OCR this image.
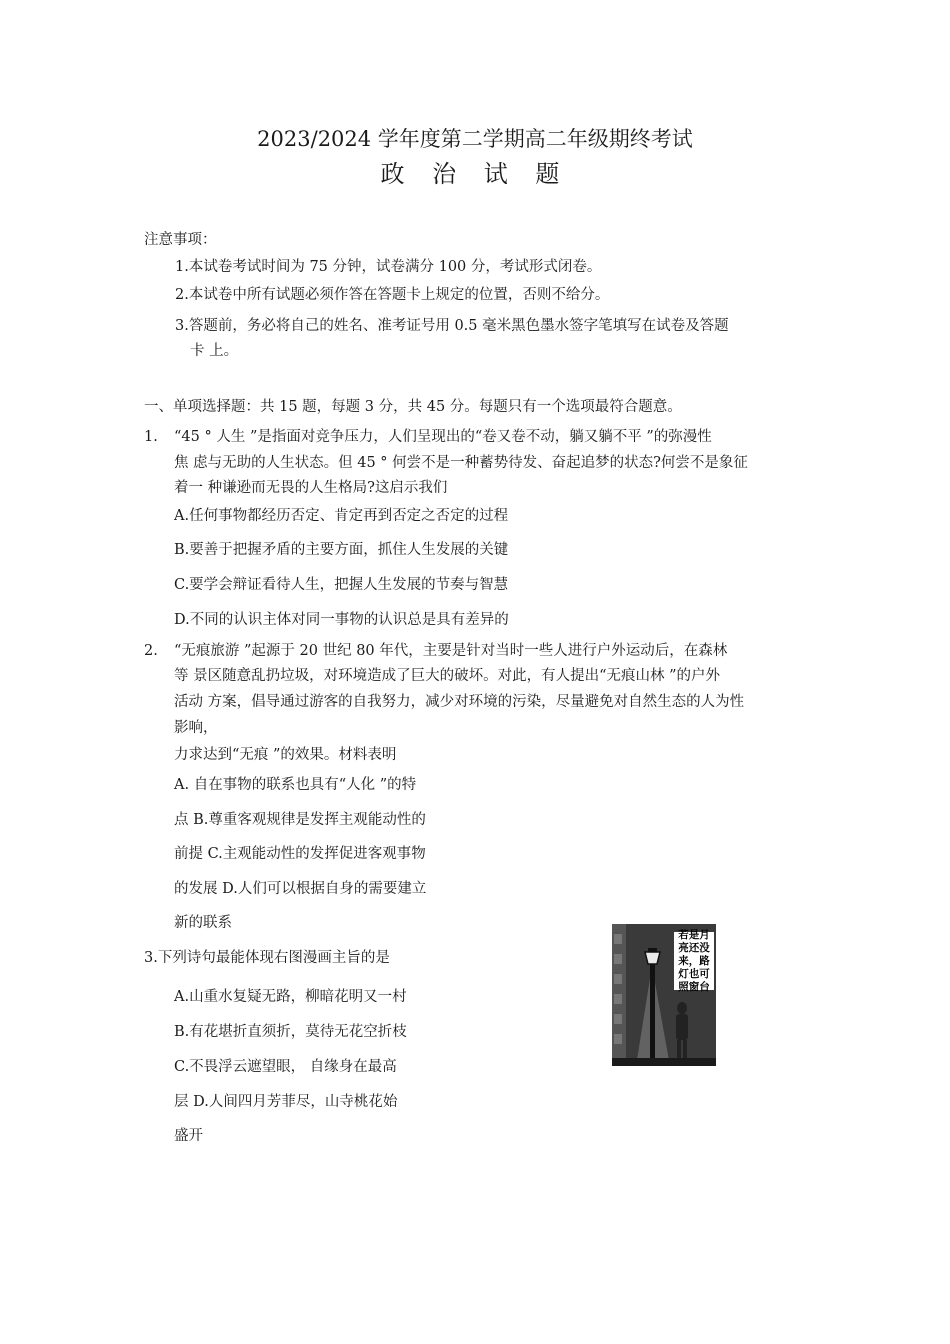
2023/2024 学年度第二学期高二年级期终考试
政 治 试 题
注意事项：
1.本试卷考试时间为 75 分钟，试卷满分 100 分，考试形式闭卷。
2.本试卷中所有试题必须作答在答题卡上规定的位置，否则不给分。
3.答题前，务必将自己的姓名、准考证号用 0.5 毫米黑色墨水签字笔填写在试卷及答题
卡 上。
一、单项选择题：共 15 题，每题 3 分，共 45 分。每题只有一个选项最符合题意。
1. “45 ° 人生 ”是指面对竞争压力，人们呈现出的“卷又卷不动，躺又躺不平 ”的弥漫性
焦 虑与无助的人生状态。但 45 ° 何尝不是一种蓄势待发、奋起追梦的状态?何尝不是象征
着一 种谦逊而无畏的人生格局?这启示我们
A.任何事物都经历否定、肯定再到否定之否定的过程
B.要善于把握矛盾的主要方面，抓住人生发展的关键
C.要学会辩证看待人生，把握人生发展的节奏与智慧
D.不同的认识主体对同一事物的认识总是具有差异的
2. “无痕旅游 ”起源于 20 世纪 80 年代，主要是针对当时一些人进行户外运动后，在森林
等 景区随意乱扔垃圾，对环境造成了巨大的破坏。对此，有人提出“无痕山林 ”的户外
活动 方案，倡导通过游客的自我努力，减少对环境的污染，尽量避免对自然生态的人为性
影响，
力求达到“无痕 ”的效果。材料表明
A. 自在事物的联系也具有“人化 ”的特
点 B.尊重客观规律是发挥主观能动性的
前提 C.主观能动性的发挥促进客观事物
的发展 D.人们可以根据自身的需要建立
新的联系
3.下列诗句最能体现右图漫画主旨的是
A.山重水复疑无路，柳暗花明又一村
B.有花堪折直须折，莫待无花空折枝
C.不畏浮云遮望眼， 自缘身在最高
层 D.人间四月芳菲尽，山寺桃花始
盛开
若是月
亮还没
来，路
灯也可
照窗台
